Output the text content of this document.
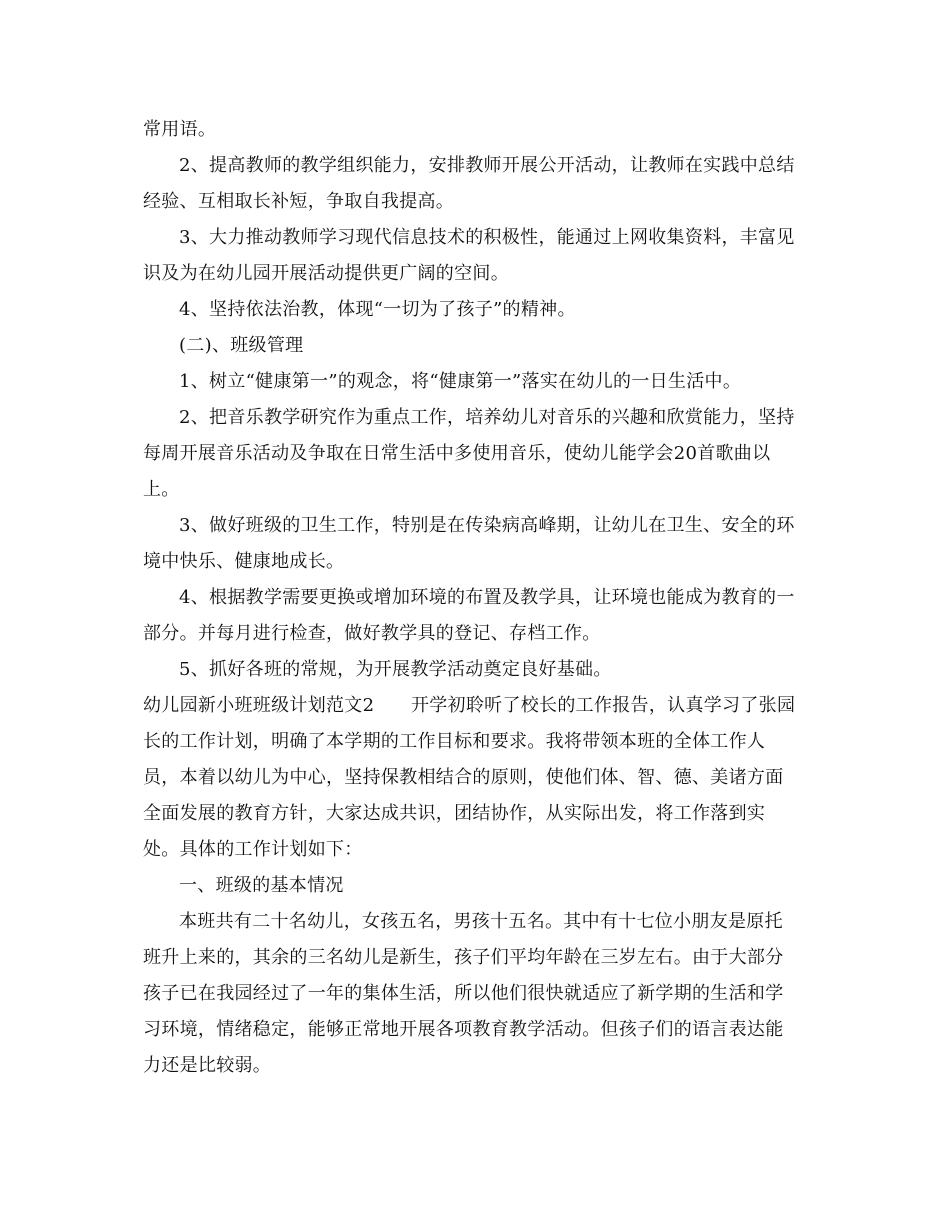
常用语。
2、提高教师的教学组织能力，安排教师开展公开活动，让教师在实践中总结
经验、互相取长补短，争取自我提高。
3、大力推动教师学习现代信息技术的积极性，能通过上网收集资料，丰富见
识及为在幼儿园开展活动提供更广阔的空间。
4、坚持依法治教，体现“一切为了孩子”的精神。
(二)、班级管理
1、树立“健康第一”的观念，将“健康第一”落实在幼儿的一日生活中。
2、把音乐教学研究作为重点工作，培养幼儿对音乐的兴趣和欣赏能力，坚持
每周开展音乐活动及争取在日常生活中多使用音乐，使幼儿能学会20首歌曲以
上。
3、做好班级的卫生工作，特别是在传染病高峰期，让幼儿在卫生、安全的环
境中快乐、健康地成长。
4、根据教学需要更换或增加环境的布置及教学具，让环境也能成为教育的一
部分。并每月进行检查，做好教学具的登记、存档工作。
5、抓好各班的常规，为开展教学活动奠定良好基础。
幼儿园新小班班级计划范文2　　开学初聆听了校长的工作报告，认真学习了张园
长的工作计划，明确了本学期的工作目标和要求。我将带领本班的全体工作人
员，本着以幼儿为中心，坚持保教相结合的原则，使他们体、智、德、美诸方面
全面发展的教育方针，大家达成共识，团结协作，从实际出发，将工作落到实
处。具体的工作计划如下：
一、班级的基本情况
本班共有二十名幼儿，女孩五名，男孩十五名。其中有十七位小朋友是原托
班升上来的，其余的三名幼儿是新生，孩子们平均年龄在三岁左右。由于大部分
孩子已在我园经过了一年的集体生活，所以他们很快就适应了新学期的生活和学
习环境，情绪稳定，能够正常地开展各项教育教学活动。但孩子们的语言表达能
力还是比较弱。
